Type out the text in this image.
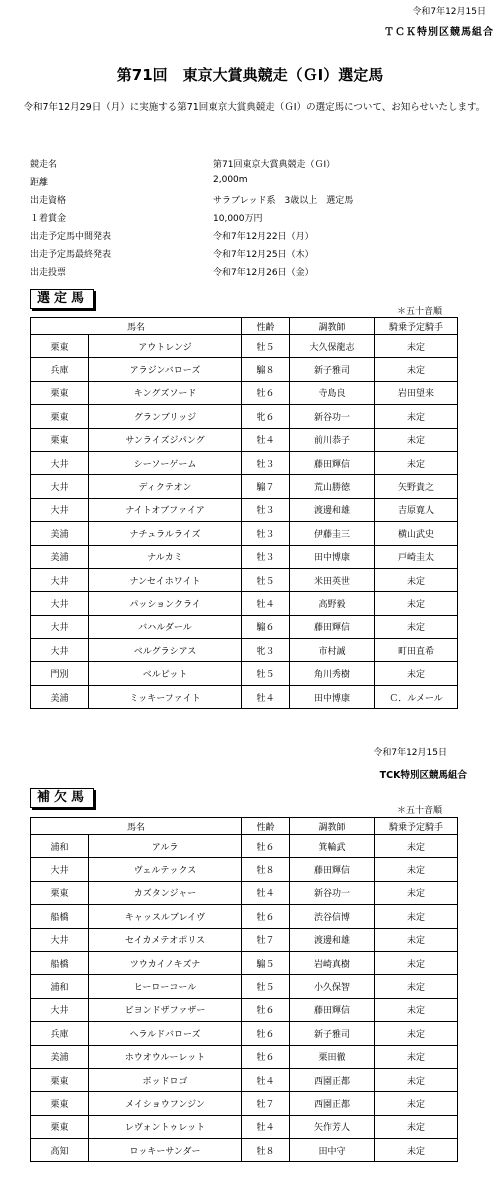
令和7年12月15日
ＴＣＫ特別区競馬組合
第71回　東京大賞典競走（ＧⅠ）選定馬
　令和7年12月29日（月）に実施する第71回東京大賞典競走（ＧⅠ）の選定馬について、お知らせいたします。
競走名	第71回東京大賞典競走（ＧⅠ）
距離	2,000m
出走資格	サラブレッド系　3歳以上　選定馬
１着賞金	10,000万円
出走予定馬中間発表	令和7年12月22日（月）
出走予定馬最終発表	令和7年12月25日（木）
出走投票	令和7年12月26日（金）
選定馬
＊五十音順
馬名		性齢	調教師	騎乗予定騎手
栗東	アウトレンジ	牡５	大久保龍志	未定
兵庫	アラジンバローズ	騸８	新子雅司	未定
栗東	キングズソード	牡６	寺島良	岩田望来
栗東	グランブリッジ	牝６	新谷功一	未定
栗東	サンライズジパング	牡４	前川恭子	未定
大井	シーソーゲーム	牡３	藤田輝信	未定
大井	ディクテオン	騸７	荒山勝徳	矢野貴之
大井	ナイトオブファイア	牡３	渡邊和雄	吉原寛人
美浦	ナチュラルライズ	牡３	伊藤圭三	横山武史
美浦	ナルカミ	牡３	田中博康	戸崎圭太
大井	ナンセイホワイト	牡５	米田英世	未定
大井	パッションクライ	牡４	高野毅	未定
大井	バハルダール	騸６	藤田輝信	未定
大井	ベルグラシアス	牝３	市村誠	町田直希
門別	ベルピット	牡５	角川秀樹	未定
美浦	ミッキーファイト	牡４	田中博康	Ｃ．ルメール
令和7年12月15日
TCK特別区競馬組合
補欠馬
＊五十音順
馬名		性齢	調教師	騎乗予定騎手
浦和	アルラ	牡６	箕輪武	未定
大井	ヴェルテックス	牡８	藤田輝信	未定
栗東	カズタンジャー	牡４	新谷功一	未定
船橋	キャッスルブレイヴ	牡６	渋谷信博	未定
大井	セイカメテオポリス	牡７	渡邊和雄	未定
船橋	ツウカイノキズナ	騸５	岩崎真樹	未定
浦和	ヒーローコール	牡５	小久保智	未定
大井	ビヨンドザファザー	牡６	藤田輝信	未定
兵庫	ヘラルドバローズ	牡６	新子雅司	未定
美浦	ホウオウルーレット	牡６	栗田徹	未定
栗東	ボッドロゴ	牡４	西園正都	未定
栗東	メイショウフンジン	牡７	西園正都	未定
栗東	レヴォントゥレット	牡４	矢作芳人	未定
高知	ロッキーサンダー	牡８	田中守	未定
